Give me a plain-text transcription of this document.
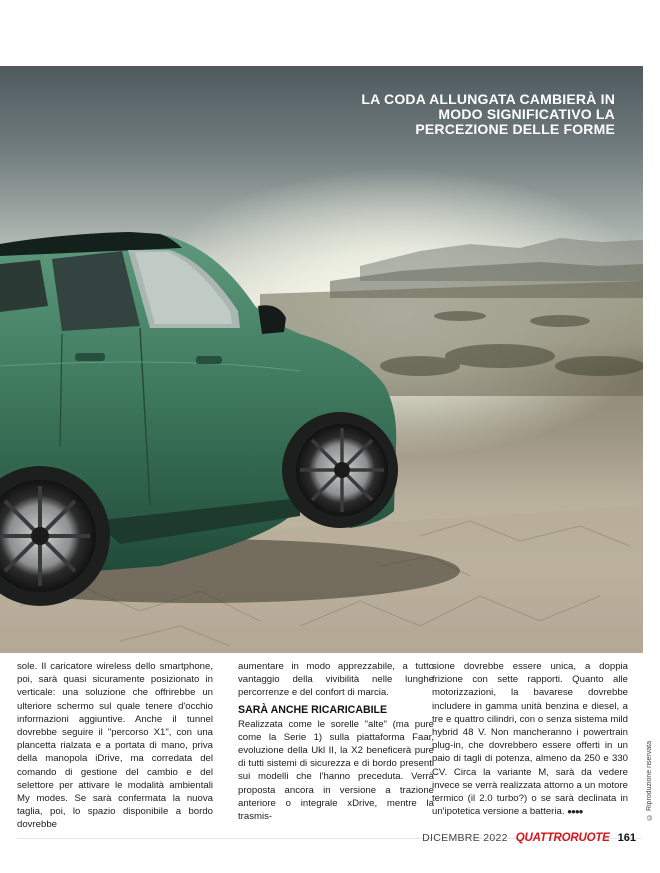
LA CODA ALLUNGATA CAMBIERÀ IN MODO SIGNIFICATIVO LA PERCEZIONE DELLE FORME
© Riproduzione riservata

sole. Il caricatore wireless dello smartphone, poi, sarà quasi sicuramente posizionato in verticale: una soluzione che offrirebbe un ulteriore schermo sul quale tenere d'occhio informazioni aggiuntive. Anche il tunnel dovrebbe seguire il "percorso X1", con una plancetta rialzata e a portata di mano, priva della manopola iDrive, ma corredata del comando di gestione del cambio e del selettore per attivare le modalità ambientali My modes. Se sarà confermata la nuova taglia, poi, lo spazio disponibile a bordo dovrebbe

aumentare in modo apprezzabile, a tutto vantaggio della vivibilità nelle lunghe percorrenze e del confort di marcia.

SARÀ ANCHE RICARICABILE

Realizzata come le sorelle "alte" (ma pure come la Serie 1) sulla piattaforma Faar, evoluzione della Ukl II, la X2 beneficerà pure di tutti sistemi di sicurezza e di bordo presenti sui modelli che l'hanno preceduta. Verrà proposta ancora in versione a trazione anteriore o integrale xDrive, mentre la trasmis-

sione dovrebbe essere unica, a doppia frizione con sette rapporti. Quanto alle motorizzazioni, la bavarese dovrebbe includere in gamma unità benzina e diesel, a tre e quattro cilindri, con o senza sistema mild hybrid 48 V. Non mancheranno i powertrain plug-in, che dovrebbero essere offerti in un paio di tagli di potenza, almeno da 250 e 330 CV. Circa la variante M, sarà da vedere invece se verrà realizzata attorno a un motore termico (il 2.0 turbo?) o se sarà declinata in un'ipotetica versione a batteria. ●●●●

DICEMBRE 2022 QUATTRORUOTE 161
